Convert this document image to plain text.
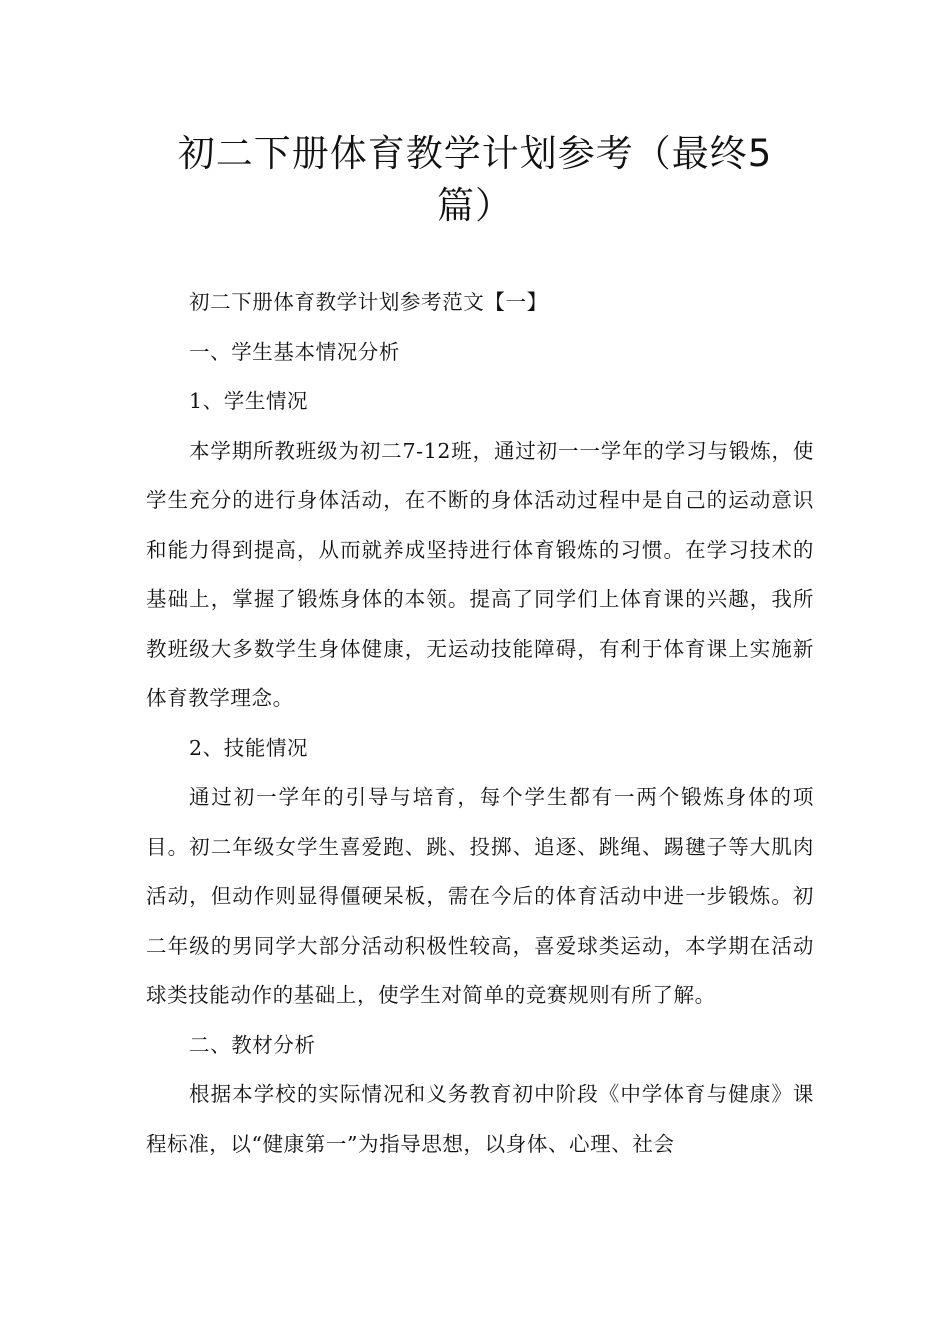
初二下册体育教学计划参考（最终5
篇）

初二下册体育教学计划参考范文【一】

一、学生基本情况分析

1、学生情况

本学期所教班级为初二7-12班，通过初一一学年的学习与锻炼，使学生充分的进行身体活动，在不断的身体活动过程中是自己的运动意识和能力得到提高，从而就养成坚持进行体育锻炼的习惯。在学习技术的基础上，掌握了锻炼身体的本领。提高了同学们上体育课的兴趣，我所教班级大多数学生身体健康，无运动技能障碍，有利于体育课上实施新体育教学理念。

2、技能情况

通过初一学年的引导与培育，每个学生都有一两个锻炼身体的项目。初二年级女学生喜爱跑、跳、投掷、追逐、跳绳、踢毽子等大肌肉活动，但动作则显得僵硬呆板，需在今后的体育活动中进一步锻炼。初二年级的男同学大部分活动积极性较高，喜爱球类运动，本学期在活动球类技能动作的基础上，使学生对简单的竞赛规则有所了解。

二、教材分析

根据本学校的实际情况和义务教育初中阶段《中学体育与健康》课程标准，以“健康第一”为指导思想，以身体、心理、社会
